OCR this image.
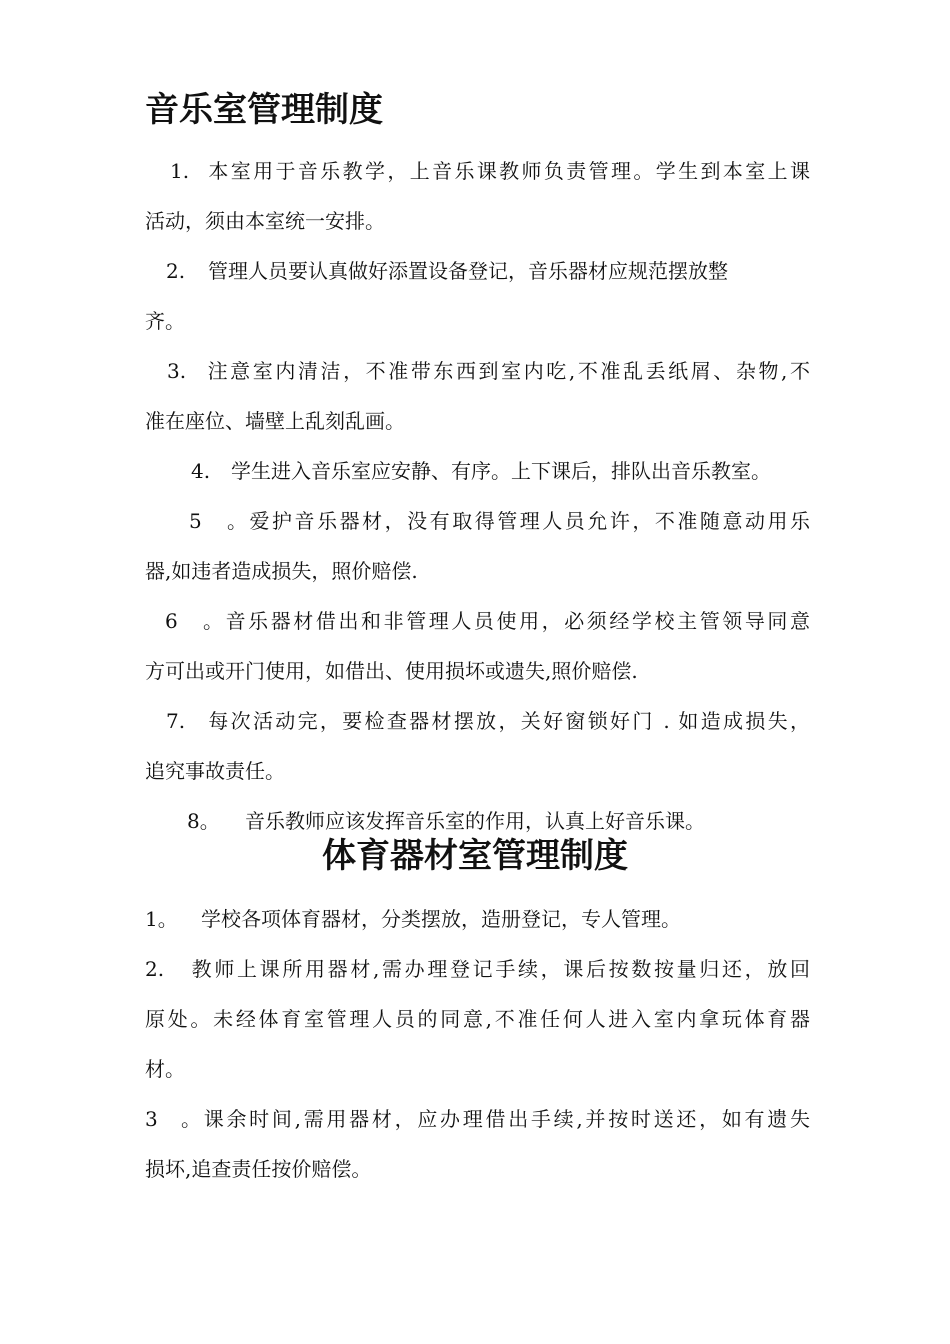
音乐室管理制度
1. 本室用于音乐教学，上音乐课教师负责管理。学生到本室上课
活动，须由本室统一安排。
2. 管理人员要认真做好添置设备登记，音乐器材应规范摆放整
齐。
3. 注意室内清洁，不准带东西到室内吃,不准乱丢纸屑、杂物,不
准在座位、墙壁上乱刻乱画。
4. 学生进入音乐室应安静、有序。上下课后，排队出音乐教室。
5。爱护音乐器材，没有取得管理人员允许，不准随意动用乐
器,如违者造成损失，照价赔偿.
6。音乐器材借出和非管理人员使用，必须经学校主管领导同意
方可出或开门使用，如借出、使用损坏或遗失,照价赔偿.
7. 每次活动完，要检查器材摆放，关好窗锁好门 . 如造成损失，
追究事故责任。
8。 音乐教师应该发挥音乐室的作用，认真上好音乐课。
体育器材室管理制度
1。 学校各项体育器材，分类摆放，造册登记，专人管理。
2. 教师上课所用器材,需办理登记手续，课后按数按量归还，放回
原处。未经体育室管理人员的同意,不准任何人进入室内拿玩体育器
材。
3。课余时间,需用器材，应办理借出手续,并按时送还，如有遗失
损坏,追查责任按价赔偿。
